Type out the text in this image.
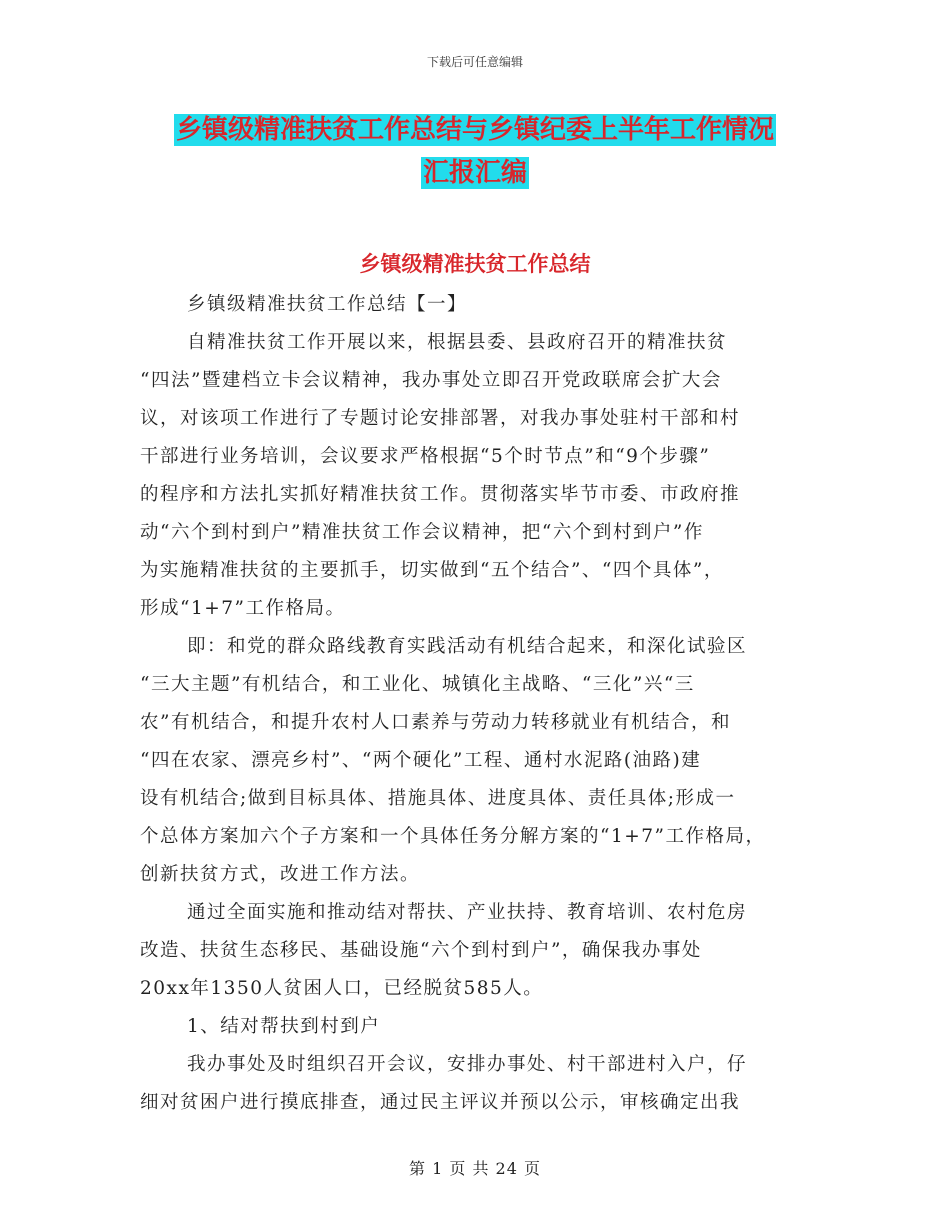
下载后可任意编辑
乡镇级精准扶贫工作总结与乡镇纪委上半年工作情况
汇报汇编
乡镇级精准扶贫工作总结
乡镇级精准扶贫工作总结【一】
自精准扶贫工作开展以来，根据县委、县政府召开的精准扶贫
“四法”暨建档立卡会议精神，我办事处立即召开党政联席会扩大会
议，对该项工作进行了专题讨论安排部署，对我办事处驻村干部和村
干部进行业务培训，会议要求严格根据“5个时节点”和“9个步骤”
的程序和方法扎实抓好精准扶贫工作。贯彻落实毕节市委、市政府推
动“六个到村到户”精准扶贫工作会议精神，把“六个到村到户”作
为实施精准扶贫的主要抓手，切实做到“五个结合”、“四个具体”，
形成“1+7”工作格局。
即：和党的群众路线教育实践活动有机结合起来，和深化试验区
“三大主题”有机结合，和工业化、城镇化主战略、“三化”兴“三
农”有机结合，和提升农村人口素养与劳动力转移就业有机结合，和
“四在农家、漂亮乡村”、“两个硬化”工程、通村水泥路(油路)建
设有机结合;做到目标具体、措施具体、进度具体、责任具体;形成一
个总体方案加六个子方案和一个具体任务分解方案的“1+7”工作格局，
创新扶贫方式，改进工作方法。
通过全面实施和推动结对帮扶、产业扶持、教育培训、农村危房
改造、扶贫生态移民、基础设施“六个到村到户”，确保我办事处
20xx年1350人贫困人口，已经脱贫585人。
1、结对帮扶到村到户
我办事处及时组织召开会议，安排办事处、村干部进村入户，仔
细对贫困户进行摸底排查，通过民主评议并预以公示，审核确定出我
第 1 页 共 24 页
